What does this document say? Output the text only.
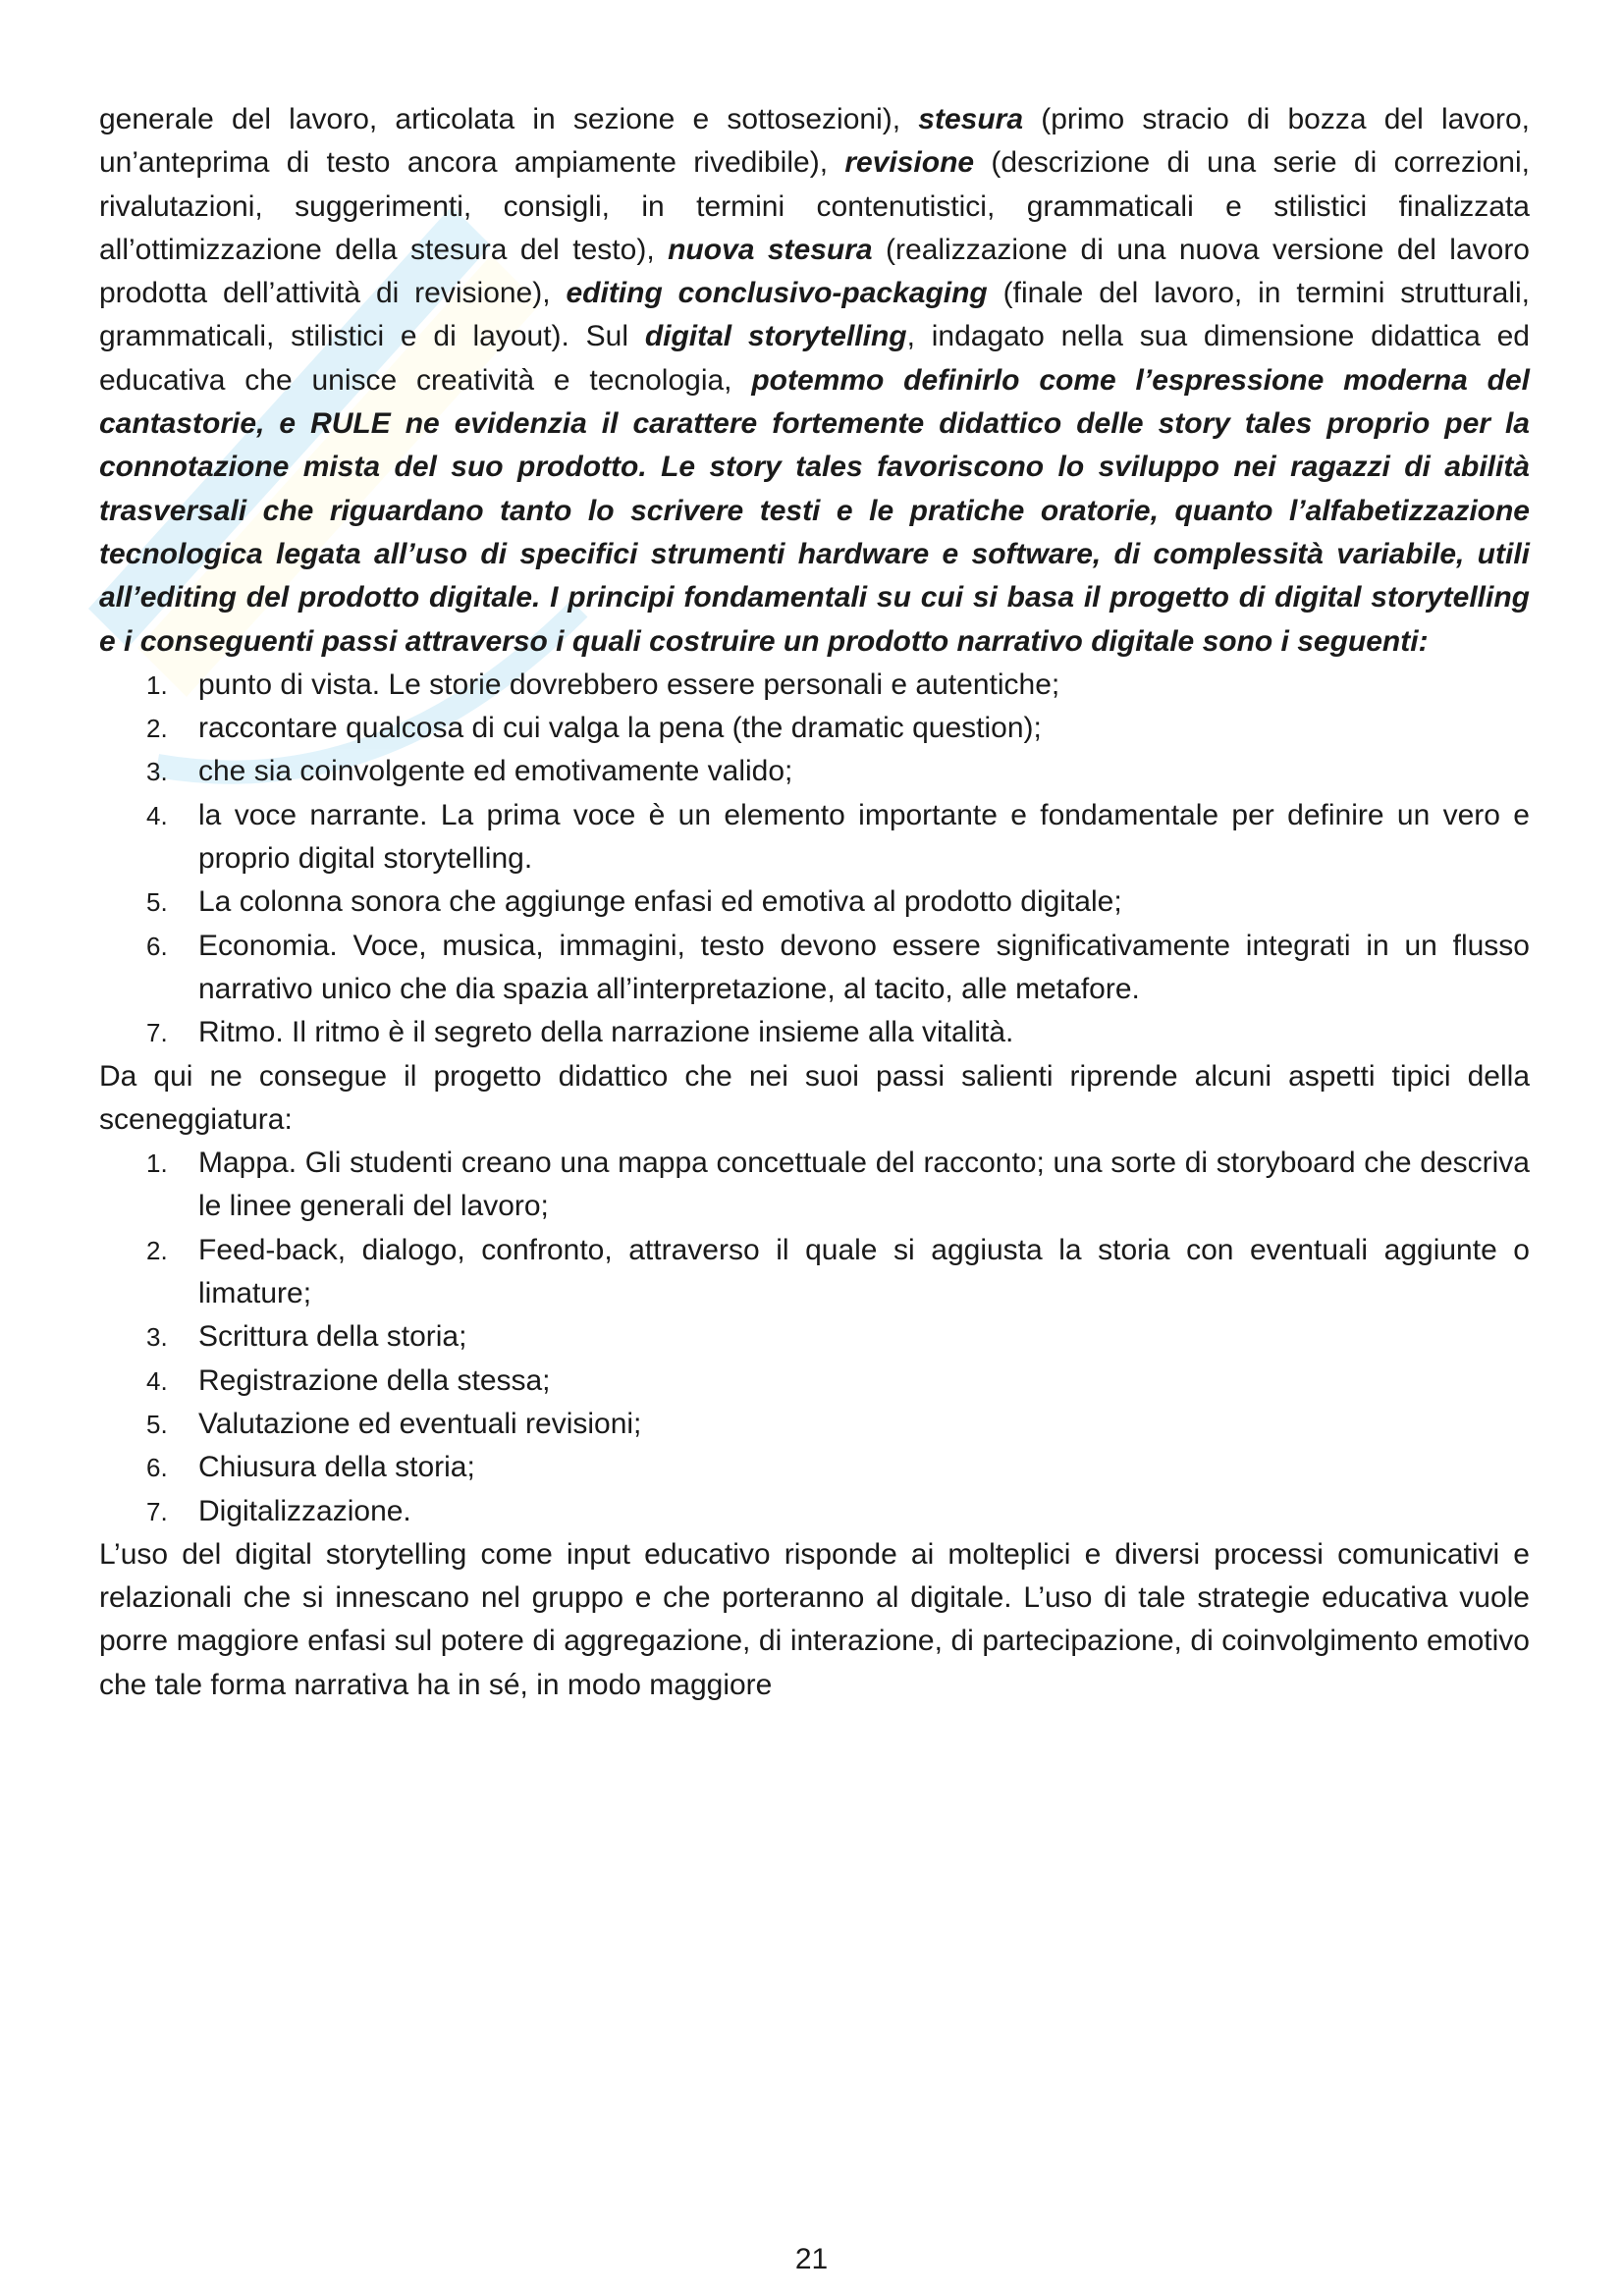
generale del lavoro, articolata in sezione e sottosezioni), stesura (primo stracio di bozza del lavoro, un’anteprima di testo ancora ampiamente rivedibile), revisione (descrizione di una serie di correzioni, rivalutazioni, suggerimenti, consigli, in termini contenutistici, grammaticali e stilistici finalizzata all’ottimizzazione della stesura del testo), nuova stesura (realizzazione di una nuova versione del lavoro prodotta dell’attività di revisione), editing conclusivo-packaging (finale del lavoro, in termini strutturali, grammaticali, stilistici e di layout). Sul digital storytelling, indagato nella sua dimensione didattica ed educativa che unisce creatività e tecnologia, potemmo definirlo come l’espressione moderna del cantastorie, e RULE ne evidenzia il carattere fortemente didattico delle story tales proprio per la connotazione mista del suo prodotto. Le story tales favoriscono lo sviluppo nei ragazzi di abilità trasversali che riguardano tanto lo scrivere testi e le pratiche oratorie, quanto l’alfabetizzazione tecnologica legata all’uso di specifici strumenti hardware e software, di complessità variabile, utili all’editing del prodotto digitale. I principi fondamentali su cui si basa il progetto di digital storytelling e i conseguenti passi attraverso i quali costruire un prodotto narrativo digitale sono i seguenti:

1. punto di vista. Le storie dovrebbero essere personali e autentiche;
2. raccontare qualcosa di cui valga la pena (the dramatic question);
3. che sia coinvolgente ed emotivamente valido;
4. la voce narrante. La prima voce è un elemento importante e fondamentale per definire un vero e proprio digital storytelling.
5. La colonna sonora che aggiunge enfasi ed emotiva al prodotto digitale;
6. Economia. Voce, musica, immagini, testo devono essere significativamente integrati in un flusso narrativo unico che dia spazia all’interpretazione, al tacito, alle metafore.
7. Ritmo. Il ritmo è il segreto della narrazione insieme alla vitalità.

Da qui ne consegue il progetto didattico che nei suoi passi salienti riprende alcuni aspetti tipici della sceneggiatura:

1. Mappa. Gli studenti creano una mappa concettuale del racconto; una sorte di storyboard che descriva le linee generali del lavoro;
2. Feed-back, dialogo, confronto, attraverso il quale si aggiusta la storia con eventuali aggiunte o limature;
3. Scrittura della storia;
4. Registrazione della stessa;
5. Valutazione ed eventuali revisioni;
6. Chiusura della storia;
7. Digitalizzazione.

L’uso del digital storytelling come input educativo risponde ai molteplici e diversi processi comunicativi e relazionali che si innescano nel gruppo e che porteranno al digitale. L’uso di tale strategie educativa vuole porre maggiore enfasi sul potere di aggregazione, di interazione, di partecipazione, di coinvolgimento emotivo che tale forma narrativa ha in sé, in modo maggiore

21
